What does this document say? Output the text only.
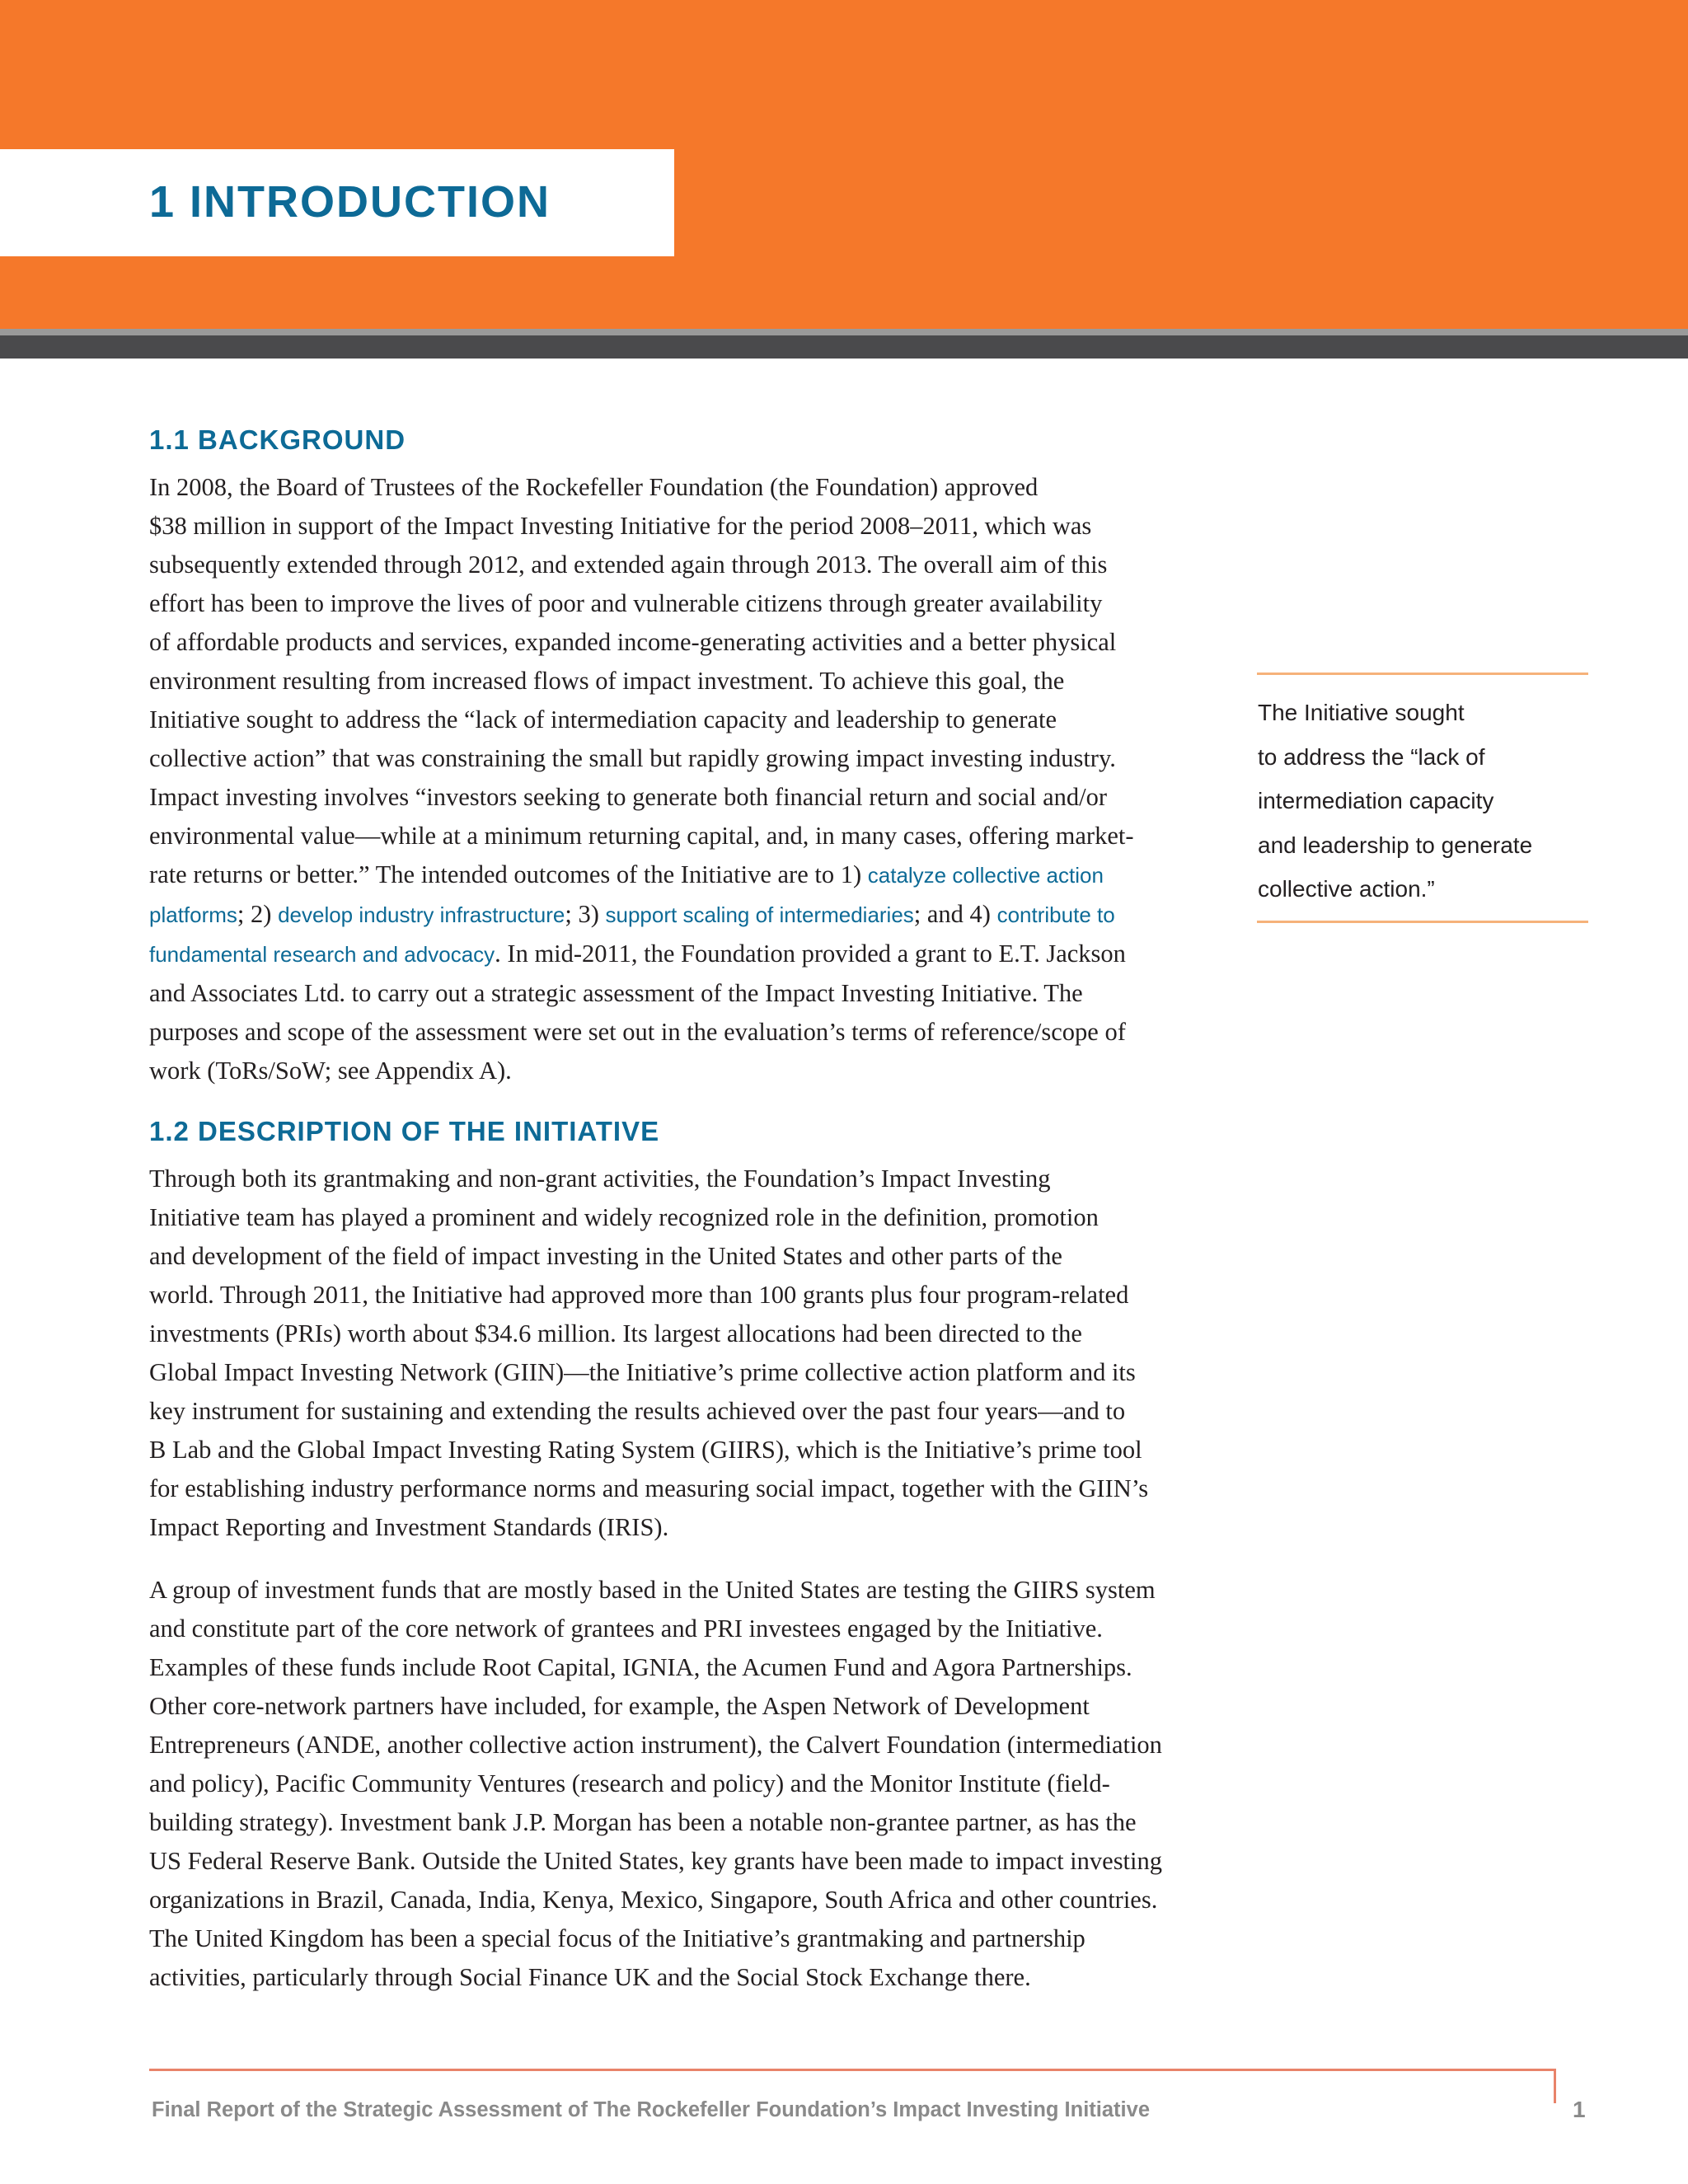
1 INTRODUCTION
1.1 BACKGROUND
In 2008, the Board of Trustees of the Rockefeller Foundation (the Foundation) approved
$38 million in support of the Impact Investing Initiative for the period 2008–2011, which was
subsequently extended through 2012, and extended again through 2013. The overall aim of this
effort has been to improve the lives of poor and vulnerable citizens through greater availability
of affordable products and services, expanded income-generating activities and a better physical
environment resulting from increased flows of impact investment. To achieve this goal, the
Initiative sought to address the “lack of intermediation capacity and leadership to generate
collective action” that was constraining the small but rapidly growing impact investing industry.
Impact investing involves “investors seeking to generate both financial return and social and/or
environmental value—while at a minimum returning capital, and, in many cases, offering market-
rate returns or better.” The intended outcomes of the Initiative are to 1) catalyze collective action
platforms; 2) develop industry infrastructure; 3) support scaling of intermediaries; and 4) contribute to
fundamental research and advocacy. In mid-2011, the Foundation provided a grant to E.T. Jackson
and Associates Ltd. to carry out a strategic assessment of the Impact Investing Initiative. The
purposes and scope of the assessment were set out in the evaluation’s terms of reference/scope of
work (ToRs/SoW; see Appendix A).
The Initiative sought
to address the “lack of
intermediation capacity
and leadership to generate
collective action.”
1.2 DESCRIPTION OF THE INITIATIVE
Through both its grantmaking and non-grant activities, the Foundation’s Impact Investing
Initiative team has played a prominent and widely recognized role in the definition, promotion
and development of the field of impact investing in the United States and other parts of the
world. Through 2011, the Initiative had approved more than 100 grants plus four program-related
investments (PRIs) worth about $34.6 million. Its largest allocations had been directed to the
Global Impact Investing Network (GIIN)—the Initiative’s prime collective action platform and its
key instrument for sustaining and extending the results achieved over the past four years—and to
B Lab and the Global Impact Investing Rating System (GIIRS), which is the Initiative’s prime tool
for establishing industry performance norms and measuring social impact, together with the GIIN’s
Impact Reporting and Investment Standards (IRIS).
A group of investment funds that are mostly based in the United States are testing the GIIRS system
and constitute part of the core network of grantees and PRI investees engaged by the Initiative.
Examples of these funds include Root Capital, IGNIA, the Acumen Fund and Agora Partnerships.
Other core-network partners have included, for example, the Aspen Network of Development
Entrepreneurs (ANDE, another collective action instrument), the Calvert Foundation (intermediation
and policy), Pacific Community Ventures (research and policy) and the Monitor Institute (field-
building strategy). Investment bank J.P. Morgan has been a notable non-grantee partner, as has the
US Federal Reserve Bank. Outside the United States, key grants have been made to impact investing
organizations in Brazil, Canada, India, Kenya, Mexico, Singapore, South Africa and other countries.
The United Kingdom has been a special focus of the Initiative’s grantmaking and partnership
activities, particularly through Social Finance UK and the Social Stock Exchange there.

Final Report of the Strategic Assessment of The Rockefeller Foundation’s Impact Investing Initiative	1
